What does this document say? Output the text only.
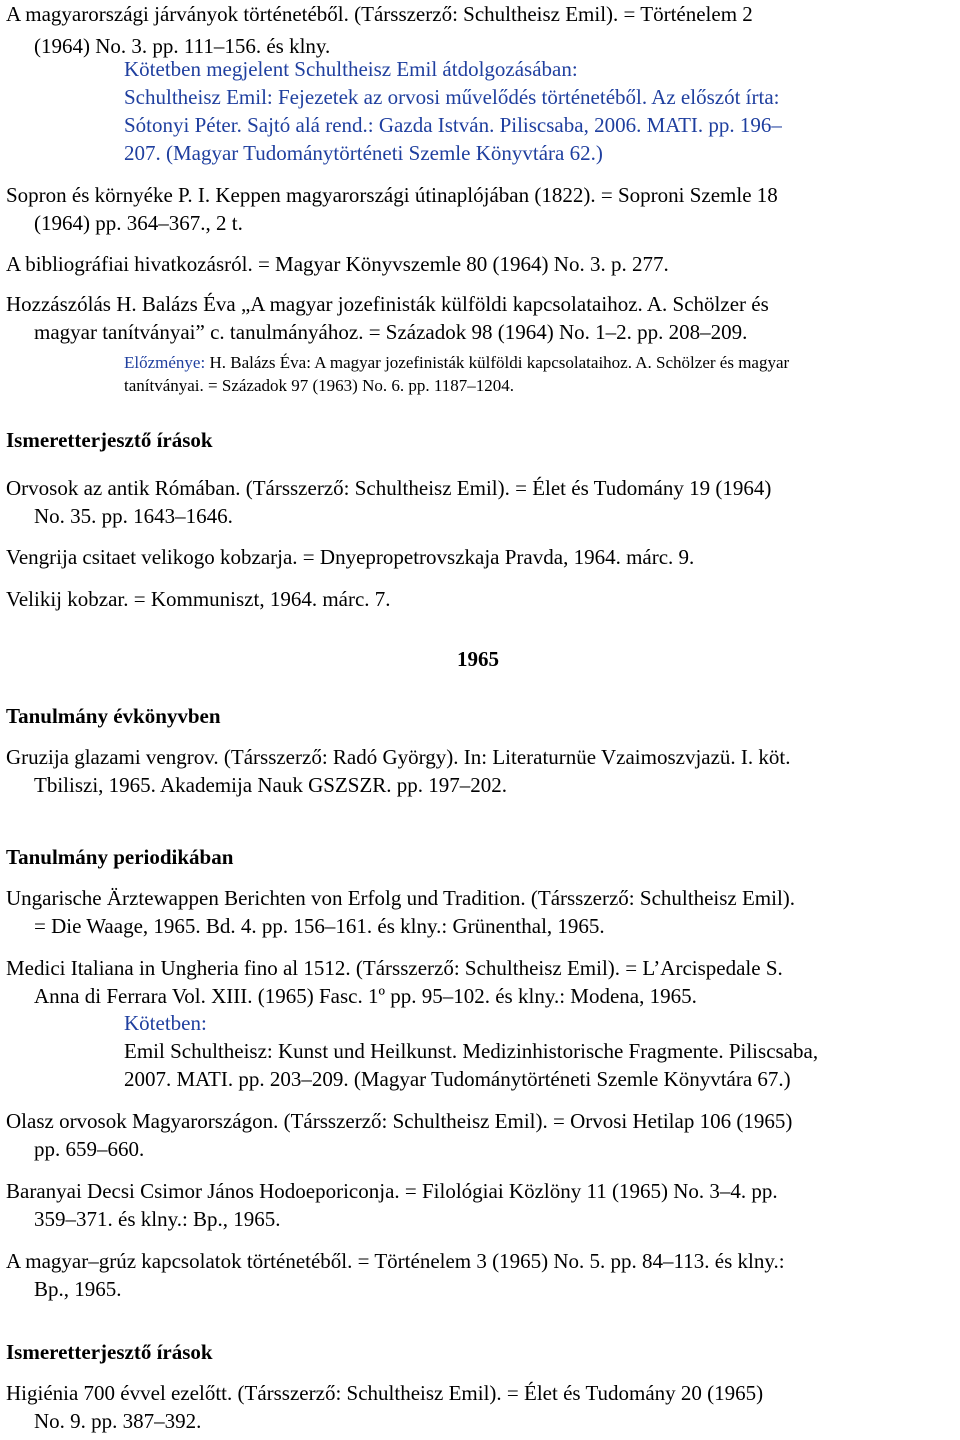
A magyarországi járványok történetéből. (Társszerző: Schultheisz Emil). = Történelem 2
(1964) No. 3. pp. 111–156. és klny.
Kötetben megjelent Schultheisz Emil átdolgozásában:
Schultheisz Emil: Fejezetek az orvosi művelődés történetéből. Az előszót írta:
Sótonyi Péter. Sajtó alá rend.: Gazda István. Piliscsaba, 2006. MATI. pp. 196–
207. (Magyar Tudománytörténeti Szemle Könyvtára 62.)
Sopron és környéke P. I. Keppen magyarországi útinaplójában (1822). = Soproni Szemle 18
(1964) pp. 364–367., 2 t.
A bibliográfiai hivatkozásról. = Magyar Könyvszemle 80 (1964) No. 3. p. 277.
Hozzászólás H. Balázs Éva „A magyar jozefinisták külföldi kapcsolataihoz. A. Schölzer és
magyar tanítványai” c. tanulmányához. = Századok 98 (1964) No. 1–2. pp. 208–209.
Előzménye: H. Balázs Éva: A magyar jozefinisták külföldi kapcsolataihoz. A. Schölzer és magyar
tanítványai. = Századok 97 (1963) No. 6. pp. 1187–1204.
Ismeretterjesztő írások
Orvosok az antik Rómában. (Társszerző: Schultheisz Emil). = Élet és Tudomány 19 (1964)
No. 35. pp. 1643–1646.
Vengrija csitaet velikogo kobzarja. = Dnyepropetrovszkaja Pravda, 1964. márc. 9.
Velikij kobzar. = Kommuniszt, 1964. márc. 7.
1965
Tanulmány évkönyvben
Gruzija glazami vengrov. (Társszerző: Radó György). In: Literaturnüe Vzaimoszvjazü. I. köt.
Tbiliszi, 1965. Akademija Nauk GSZSZR. pp. 197–202.
Tanulmány periodikában
Ungarische Ärztewappen Berichten von Erfolg und Tradition. (Társszerző: Schultheisz Emil).
= Die Waage, 1965. Bd. 4. pp. 156–161. és klny.: Grünenthal, 1965.
Medici Italiana in Ungheria fino al 1512. (Társszerző: Schultheisz Emil). = L’Arcispedale S.
Anna di Ferrara Vol. XIII. (1965) Fasc. 1º pp. 95–102. és klny.: Modena, 1965.
Kötetben:
Emil Schultheisz: Kunst und Heilkunst. Medizinhistorische Fragmente. Piliscsaba,
2007. MATI. pp. 203–209. (Magyar Tudománytörténeti Szemle Könyvtára 67.)
Olasz orvosok Magyarországon. (Társszerző: Schultheisz Emil). = Orvosi Hetilap 106 (1965)
pp. 659–660.
Baranyai Decsi Csimor János Hodoeporiconja. = Filológiai Közlöny 11 (1965) No. 3–4. pp.
359–371. és klny.: Bp., 1965.
A magyar–grúz kapcsolatok történetéből. = Történelem 3 (1965) No. 5. pp. 84–113. és klny.:
Bp., 1965.
Ismeretterjesztő írások
Higiénia 700 évvel ezelőtt. (Társszerző: Schultheisz Emil). = Élet és Tudomány 20 (1965)
No. 9. pp. 387–392.
